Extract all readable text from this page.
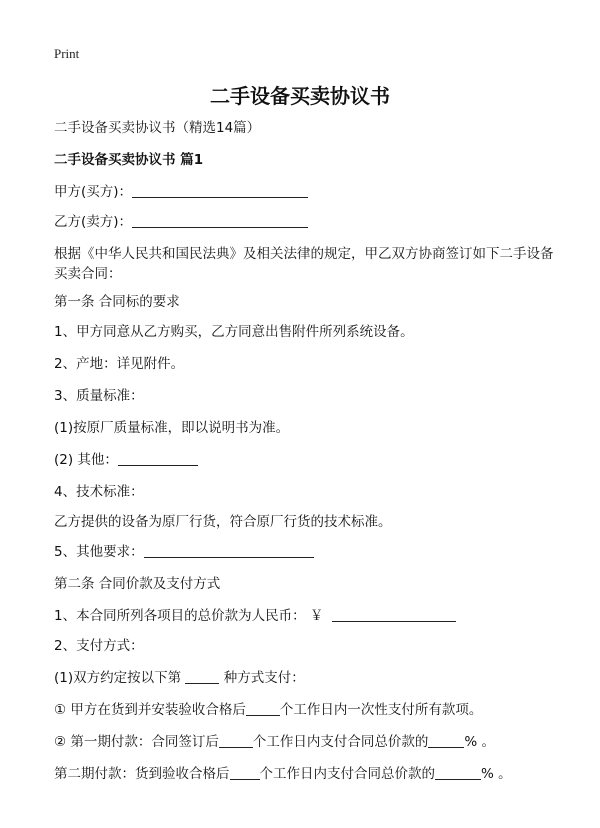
Print
二手设备买卖协议书
二手设备买卖协议书（精选14篇）
二手设备买卖协议书 篇1
甲方(买方)：
乙方(卖方)：
根据《中华人民共和国民法典》及相关法律的规定，甲乙双方协商签订如下二手设备买卖合同：
第一条 合同标的要求
1、甲方同意从乙方购买，乙方同意出售附件所列系统设备。
2、产地：详见附件。
3、质量标准：
(1)按原厂质量标准，即以说明书为准。
(2) 其他：
4、技术标准：
乙方提供的设备为原厂行货，符合原厂行货的技术标准。
5、其他要求：
第二条 合同价款及支付方式
1、本合同所列各项目的总价款为人民币： ￥
2、支付方式：
(1)双方约定按以下第	种方式支付：
① 甲方在货到并安装验收合格后	个工作日内一次性支付所有款项。
② 第一期付款：合同签订后	个工作日内支付合同总价款的	% 。
第二期付款：货到验收合格后 个工作日内支付合同总价款的	% 。
